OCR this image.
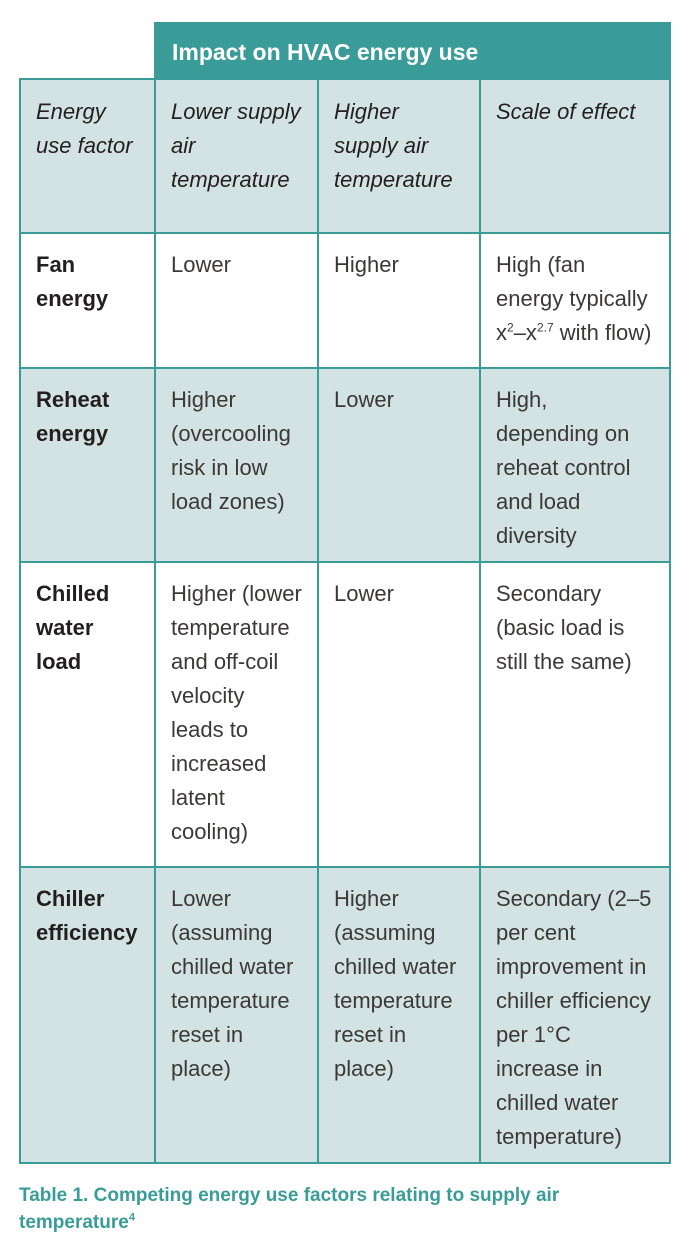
	Impact on HVAC energy use		
Energy use factor	Lower supply air temperature	Higher supply air temperature	Scale of effect
Fan energy	Lower	Higher	High (fan energy typically $x^2-x^{2.7}$ with flow)
Reheat energy	Higher (overcooling risk in low load zones)	Lower	High, depending on reheat control and load diversity
Chilled water load	Higher (lower temperature and off-coil velocity leads to increased latent cooling)	Lower	Secondary (basic load is still the same)
Chiller efficiency	Lower (assuming chilled water temperature reset in place)	Higher (assuming chilled water temperature reset in place)	Secondary (2–5 per cent improvement in chiller efficiency per 1°C increase in chilled water temperature)
Table 1. Competing energy use factors relating to supply air temperature$^4$
